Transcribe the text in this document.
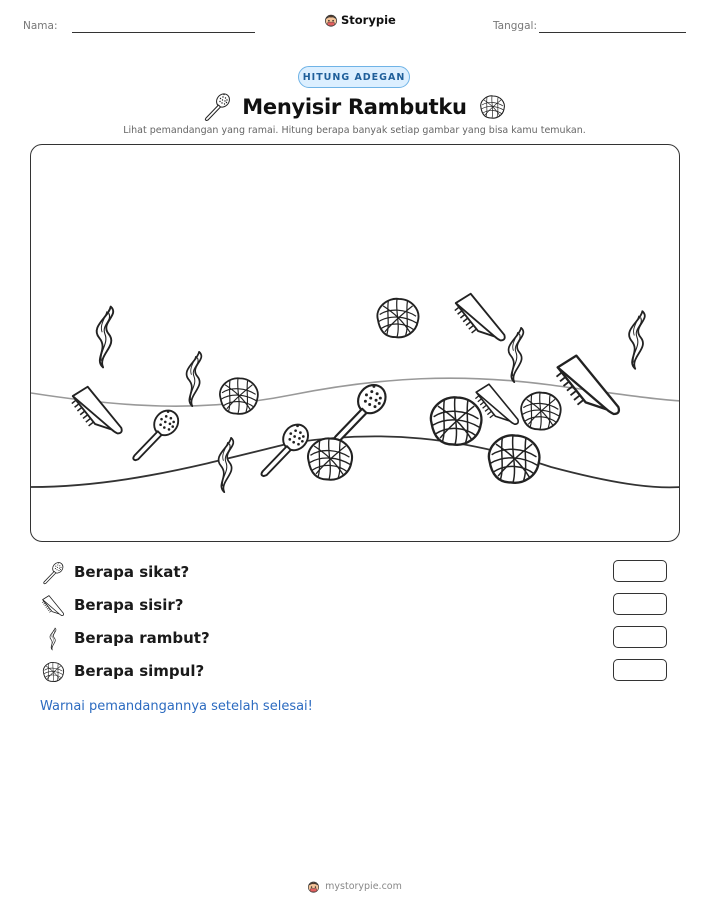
Nama:	Storypie	Tanggal:
HITUNG ADEGAN
Menyisir Rambutku
Lihat pemandangan yang ramai. Hitung berapa banyak setiap gambar yang bisa kamu temukan.
Berapa sikat?
Berapa sisir?
Berapa rambut?
Berapa simpul?
Warnai pemandangannya setelah selesai!
mystorypie.com
